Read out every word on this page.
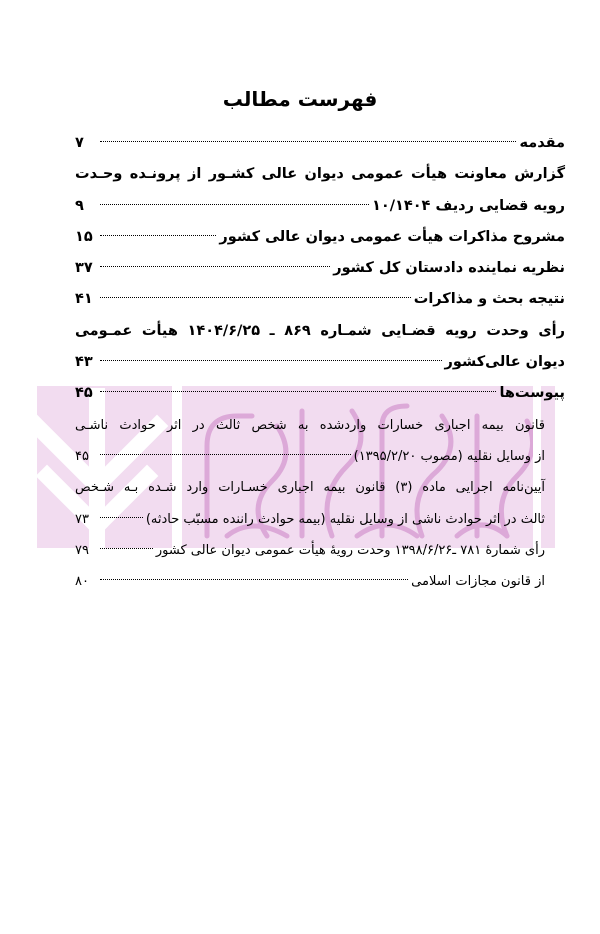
فهرست مطالب
مقدمه
۷
گزارش معاونت هیأت عمومی دیوان عالی کشـور از پرونـده وحـدت
رویه قضایی ردیف ۱۰/۱۴۰۴
۹
مشروح مذاکرات هیأت عمومی دیوان عالی کشور
۱۵
نظریه نماینده دادستان کل کشور
۳۷
نتیجه بحث و مذاکرات
۴۱
رأی وحدت رویه قضـایی شمـاره ۸۶۹ ـ ۱۴۰۴/۶/۲۵ هیأت عمـومی
دیوان عالی‌کشور
۴۳
پیوست‌ها
۴۵
قانون بیمه اجباری خسارات واردشده به شخص ثالث در اثر حوادث ناشـی
از وسایل نقلیه (مصوب ۱۳۹۵/۲/۲۰)
۴۵
آیین‌نامه اجرایی ماده (۳) قانون بیمه اجباری خسـارات وارد شـده بـه شـخص
ثالث در اثر حوادث ناشی از وسایل نقلیه (بیمه حوادث راننده مسبّب حادثه)
۷۳
رأی شمارهٔ ۷۸۱ ـ۱۳۹۸/۶/۲۶ وحدت رویهٔ هیأت عمومی دیوان عالی کشور
۷۹
از قانون مجازات اسلامی
۸۰
